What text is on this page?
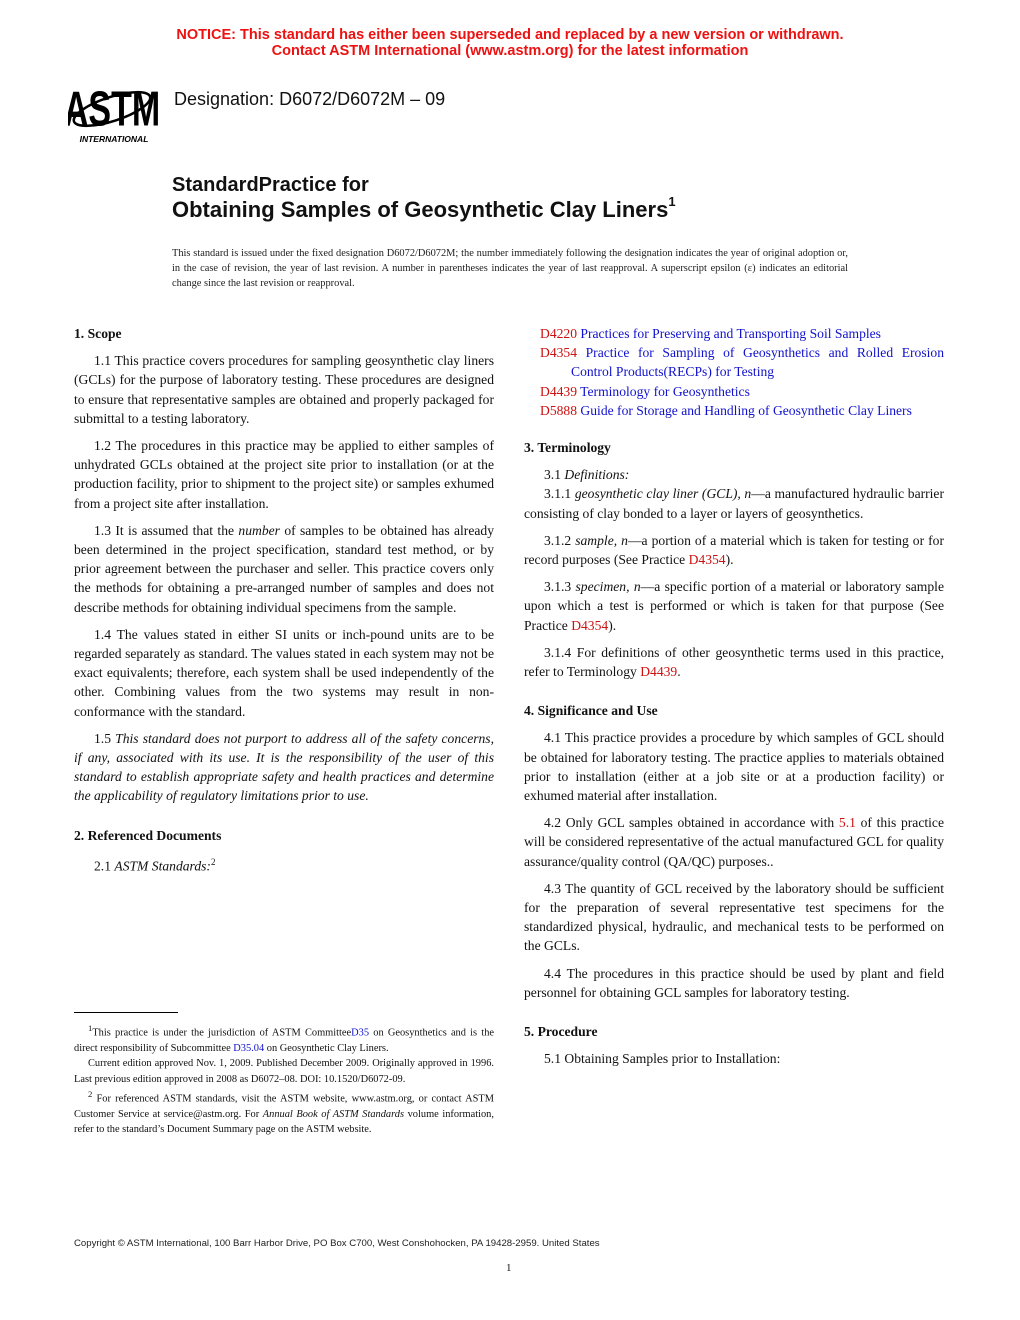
NOTICE: This standard has either been superseded and replaced by a new version or withdrawn.
Contact ASTM International (www.astm.org) for the latest information
ASTM
INTERNATIONAL
Designation: D6072/D6072M – 09
StandardPractice for
Obtaining Samples of Geosynthetic Clay Liners$^1$
This standard is issued under the fixed designation D6072/D6072M; the number immediately following the designation indicates the year of original adoption or, in the case of revision, the year of last revision. A number in parentheses indicates the year of last reapproval. A superscript epsilon (ε) indicates an editorial change since the last revision or reapproval.
1. Scope

1.1 This practice covers procedures for sampling geosynthetic clay liners (GCLs) for the purpose of laboratory testing. These procedures are designed to ensure that representative samples are obtained and properly packaged for submittal to a testing laboratory.

1.2 The procedures in this practice may be applied to either samples of unhydrated GCLs obtained at the project site prior to installation (or at the production facility, prior to shipment to the project site) or samples exhumed from a project site after installation.

1.3 It is assumed that the number of samples to be obtained has already been determined in the project specification, standard test method, or by prior agreement between the purchaser and seller. This practice covers only the methods for obtaining a pre-arranged number of samples and does not describe methods for obtaining individual specimens from the sample.

1.4 The values stated in either SI units or inch-pound units are to be regarded separately as standard. The values stated in each system may not be exact equivalents; therefore, each system shall be used independently of the other. Combining values from the two systems may result in non-conformance with the standard.

1.5 This standard does not purport to address all of the safety concerns, if any, associated with its use. It is the responsibility of the user of this standard to establish appropriate safety and health practices and determine the applicability of regulatory limitations prior to use.

2. Referenced Documents

2.1 ASTM Standards:$^2$

$^1$This practice is under the jurisdiction of ASTM CommitteeD35 on Geosynthetics and is the direct responsibility of Subcommittee D35.04 on Geosynthetic Clay Liners.

Current edition approved Nov. 1, 2009. Published December 2009. Originally approved in 1996. Last previous edition approved in 2008 as D6072–08. DOI: 10.1520/D6072-09.

$^2$ For referenced ASTM standards, visit the ASTM website, www.astm.org, or contact ASTM Customer Service at service@astm.org. For Annual Book of ASTM Standards volume information, refer to the standard’s Document Summary page on the ASTM website.

D4220 Practices for Preserving and Transporting Soil Samples

D4354 Practice for Sampling of Geosynthetics and Rolled Erosion Control Products(RECPs) for Testing

D4439 Terminology for Geosynthetics

D5888 Guide for Storage and Handling of Geosynthetic Clay Liners

3. Terminology

3.1 Definitions:

3.1.1 geosynthetic clay liner (GCL), n—a manufactured hydraulic barrier consisting of clay bonded to a layer or layers of geosynthetics.

3.1.2 sample, n—a portion of a material which is taken for testing or for record purposes (See Practice D4354).

3.1.3 specimen, n—a specific portion of a material or laboratory sample upon which a test is performed or which is taken for that purpose (See Practice D4354).

3.1.4 For definitions of other geosynthetic terms used in this practice, refer to Terminology D4439.

4. Significance and Use

4.1 This practice provides a procedure by which samples of GCL should be obtained for laboratory testing. The practice applies to materials obtained prior to installation (either at a job site or at a production facility) or exhumed material after installation.

4.2 Only GCL samples obtained in accordance with 5.1 of this practice will be considered representative of the actual manufactured GCL for quality assurance/quality control (QA/QC) purposes..

4.3 The quantity of GCL received by the laboratory should be sufficient for the preparation of several representative test specimens for the standardized physical, hydraulic, and mechanical tests to be performed on the GCLs.

4.4 The procedures in this practice should be used by plant and field personnel for obtaining GCL samples for laboratory testing.

5. Procedure

5.1 Obtaining Samples prior to Installation:

Copyright © ASTM International, 100 Barr Harbor Drive, PO Box C700, West Conshohocken, PA 19428-2959. United States
1
